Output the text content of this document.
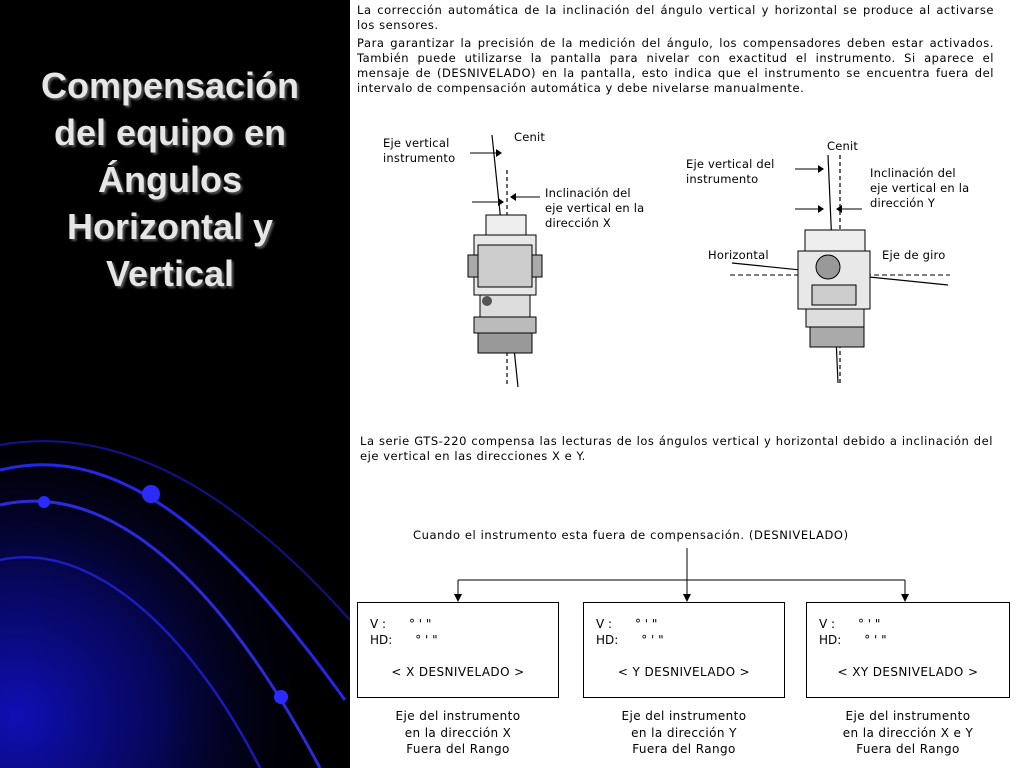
Compensación del equipo en Ángulos Horizontal y Vertical
La corrección automática de la inclinación del ángulo vertical y horizontal se produce al activarse los sensores.
Para garantizar la precisión de la medición del ángulo, los compensadores deben estar activados. También puede utilizarse la pantalla para nivelar con exactitud el instrumento. Si aparece el mensaje de (DESNIVELADO) en la pantalla, esto indica que el instrumento se encuentra fuera del intervalo de compensación automática y debe nivelarse manualmente.
Eje vertical
instrumento
Cenit
Inclinación del
eje vertical en la
dirección X
Cenit
Eje vertical del
instrumento	Inclinación del
eje vertical en la
dirección Y
Horizontal	Eje de giro
La serie GTS-220 compensa las lecturas de los ángulos vertical y horizontal debido a inclinación del eje vertical en las direcciones X e Y.
Cuando el instrumento esta fuera de compensación. (DESNIVELADO)
V : ° ' "
HD: ° ' "
< X DESNIVELADO >
V : ° ' "
HD: ° ' "
< Y DESNIVELADO >
V : ° ' "
HD: ° ' "
< XY DESNIVELADO >
Eje del instrumento
en la dirección X
Fuera del Rango
Eje del instrumento
en la dirección Y
Fuera del Rango
Eje del instrumento
en la dirección X e Y
Fuera del Rango
